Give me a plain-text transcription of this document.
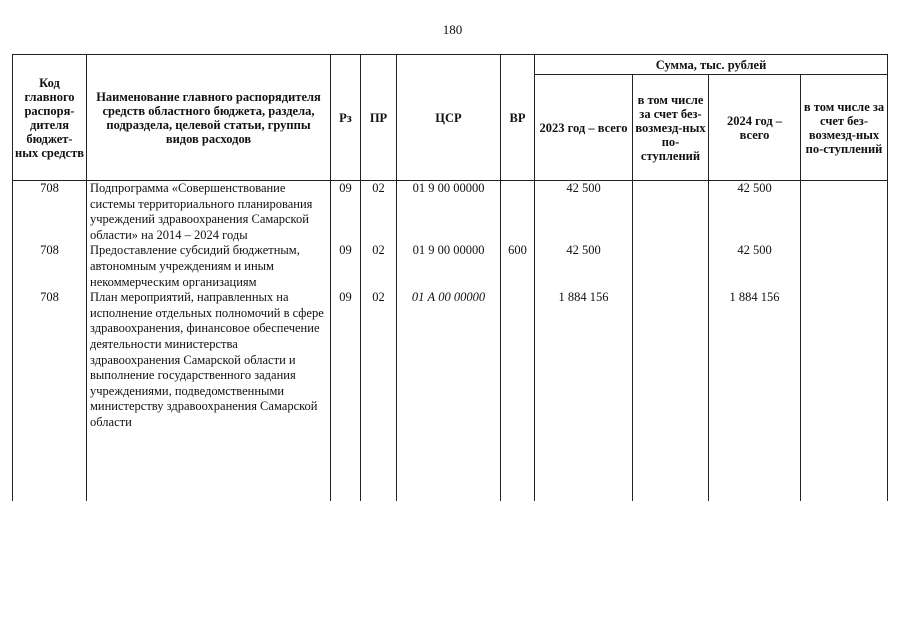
180
Код главного распоря-дителя бюджет-ных средств	Наименование главного распорядителя средств областного бюджета, раздела, подраздела, целевой статьи, группы видов расходов	Рз	ПР	ЦСР	ВР	Сумма, тыс. рублей			
						2023 год – всего	в том числе за счет без-возмезд-ных по-ступлений	2024 год – всего	в том числе за счет без-возмезд-ных по-ступлений
708	Подпрограмма «Совершенствование системы территориального планирования учреждений здравоохранения Самарской области» на 2014 – 2024 годы	09	02	01 9 00 00000		42 500		42 500	
708	Предоставление субсидий бюджетным, автономным учреждениям и иным некоммерческим организациям	09	02	01 9 00 00000	600	42 500		42 500	
708	План мероприятий, направленных на исполнение отдельных полномочий в сфере здравоохранения, финансовое обеспечение деятельности министерства здравоохранения Самарской области и выполнение государственного задания учреждениями, подведомственными министерству здравоохранения Самарской области	09	02	01 А 00 00000		1 884 156		1 884 156	
